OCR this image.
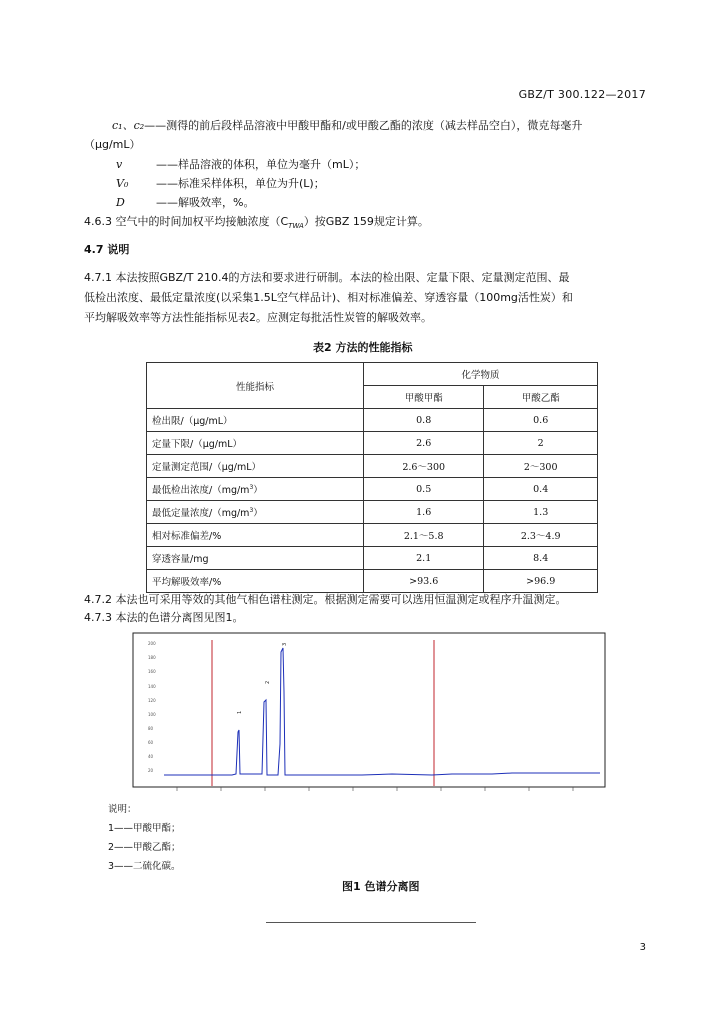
GBZ/T 300.122—2017
c₁、c₂——测得的前后段样品溶液中甲酸甲酯和/或甲酸乙酯的浓度（减去样品空白），微克每毫升
（μg/mL）
v	——样品溶液的体积，单位为毫升（mL）；
V₀	——标准采样体积，单位为升(L)；
D	——解吸效率，%。
4.6.3 空气中的时间加权平均接触浓度$(C_{TWA})$按GBZ 159规定计算。
4.7 说明
4.7.1 本法按照GBZ/T 210.4的方法和要求进行研制。本法的检出限、定量下限、定量测定范围、最
低检出浓度、最低定量浓度(以采集1.5L空气样品计)、相对标准偏差、穿透容量（100mg活性炭）和
平均解吸效率等方法性能指标见表2。应测定每批活性炭管的解吸效率。
表2 方法的性能指标
性能指标	化学物质	
	甲酸甲酯	甲酸乙酯
检出限/（μg/mL）	0.8	0.6
定量下限/（μg/mL）	2.6	2
定量测定范围/（μg/mL）	2.6～300	2～300
最低检出浓度$/(mg/m^3)$	0.5	0.4
最低定量浓度$/(mg/m^3)$	1.6	1.3
相对标准偏差/%	2.1～5.8	2.3～4.9
穿透容量/mg	2.1	8.4
平均解吸效率/%	>93.6	>96.9
4.7.2 本法也可采用等效的其他气相色谱柱测定。根据测定需要可以选用恒温测定或程序升温测定。
4.7.3 本法的色谱分离图见图1。
200
180
160
140
120
100
80
60
40
20
1
2
3
说明：
1——甲酸甲酯；
2——甲酸乙酯；
3——二硫化碳。
图1 色谱分离图
3
